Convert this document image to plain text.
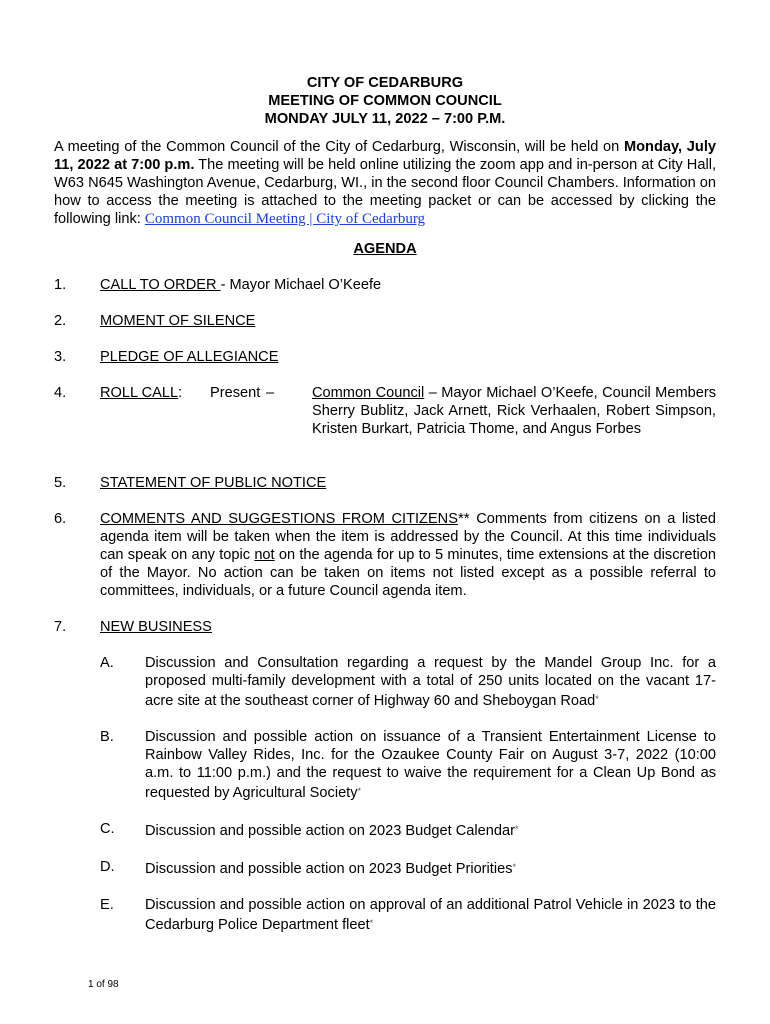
CITY OF CEDARBURG
MEETING OF COMMON COUNCIL
MONDAY JULY 11, 2022 – 7:00 P.M.
A meeting of the Common Council of the City of Cedarburg, Wisconsin, will be held on Monday, July 11, 2022 at 7:00 p.m. The meeting will be held online utilizing the zoom app and in-person at City Hall, W63 N645 Washington Avenue, Cedarburg, WI., in the second floor Council Chambers. Information on how to access the meeting is attached to the meeting packet or can be accessed by clicking the following link: Common Council Meeting | City of Cedarburg
AGENDA
1. CALL TO ORDER - Mayor Michael O’Keefe
2. MOMENT OF SILENCE
3. PLEDGE OF ALLEGIANCE
4. ROLL CALL:	Present –	Common Council – Mayor Michael O’Keefe, Council Members Sherry Bublitz, Jack Arnett, Rick Verhaalen, Robert Simpson, Kristen Burkart, Patricia Thome, and Angus Forbes
5. STATEMENT OF PUBLIC NOTICE
6. COMMENTS AND SUGGESTIONS FROM CITIZENS** Comments from citizens on a listed agenda item will be taken when the item is addressed by the Council. At this time individuals can speak on any topic not on the agenda for up to 5 minutes, time extensions at the discretion of the Mayor. No action can be taken on items not listed except as a possible referral to committees, individuals, or a future Council agenda item.
7. NEW BUSINESS
A. Discussion and Consultation regarding a request by the Mandel Group Inc. for a proposed multi-family development with a total of 250 units located on the vacant 17-acre site at the southeast corner of Highway 60 and Sheboygan Road*
B. Discussion and possible action on issuance of a Transient Entertainment License to Rainbow Valley Rides, Inc. for the Ozaukee County Fair on August 3-7, 2022 (10:00 a.m. to 11:00 p.m.) and the request to waive the requirement for a Clean Up Bond as requested by Agricultural Society*
C. Discussion and possible action on 2023 Budget Calendar*
D. Discussion and possible action on 2023 Budget Priorities*
E. Discussion and possible action on approval of an additional Patrol Vehicle in 2023 to the Cedarburg Police Department fleet*
1 of 98
